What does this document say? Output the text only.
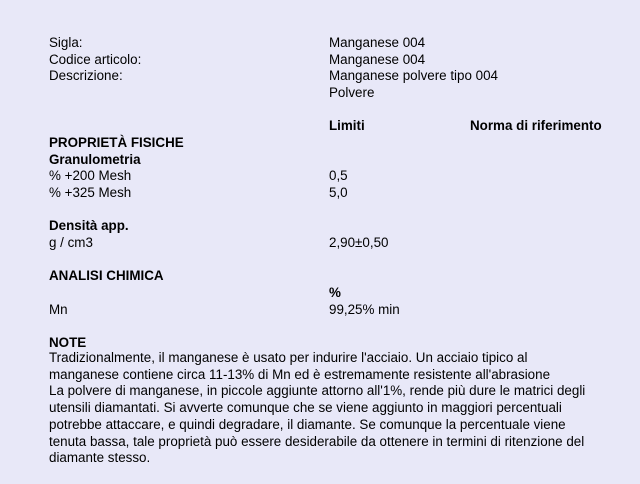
Sigla:	Manganese 004
Codice articolo:	Manganese 004
Descrizione:	Manganese polvere tipo 004
Polvere
Limiti	Norma di riferimento
PROPRIETÀ FISICHE
Granulometria
% +200 Mesh	0,5
% +325 Mesh	5,0
Densità app.
g / cm3	2,90±0,50
ANALISI CHIMICA
%
Mn	99,25% min
NOTE
Tradizionalmente, il manganese è usato per indurire l'acciaio. Un acciaio tipico al
manganese contiene circa 11-13% di Mn ed è estremamente resistente all'abrasione
La polvere di manganese, in piccole aggiunte attorno all'1%, rende più dure le matrici degli
utensili diamantati. Si avverte comunque che se viene aggiunto in maggiori percentuali
potrebbe attaccare, e quindi degradare, il diamante. Se comunque la percentuale viene
tenuta bassa, tale proprietà può essere desiderabile da ottenere in termini di ritenzione del
diamante stesso.
